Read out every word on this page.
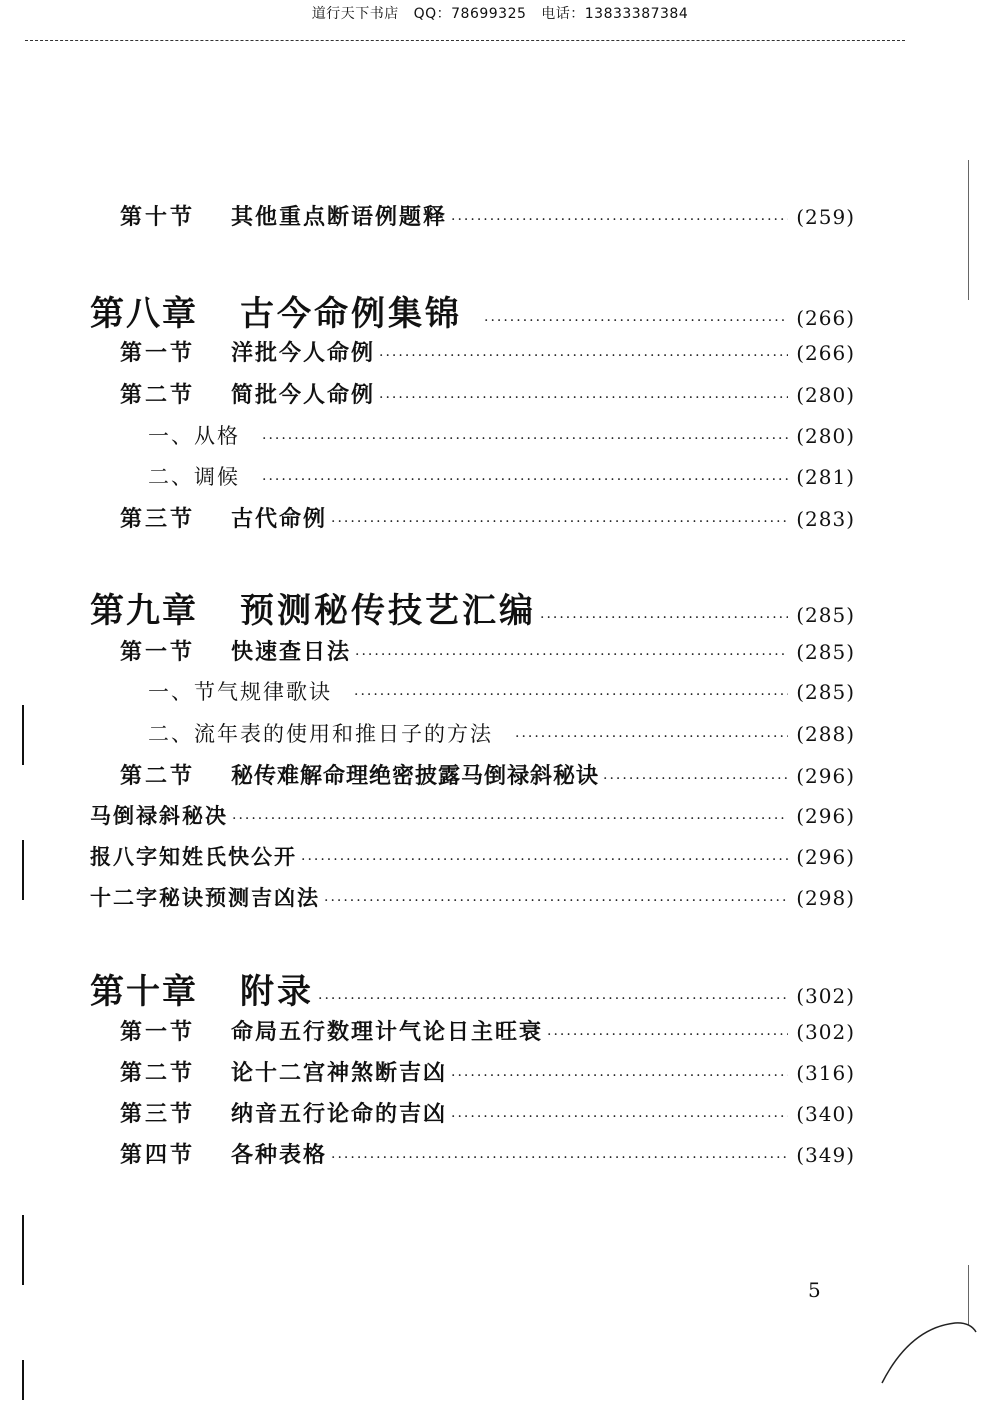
道行天下书店 QQ：78699325 电话：13833387384
第十节 其他重点断语例题释 ·····	(259)
第八章 古今命例集锦 ·····	(266)
第一节 洋批今人命例 ·····	(266)
第二节 简批今人命例 ·····	(280)
一、从格 ·····	(280)
二、调候 ·····	(281)
第三节 古代命例 ·····	(283)
第九章 预测秘传技艺汇编 ·····	(285)
第一节 快速查日法 ·····	(285)
一、节气规律歌诀 ·····	(285)
二、流年表的使用和推日子的方法 ·····	(288)
第二节 秘传难解命理绝密披露马倒禄斜秘诀 ·····	(296)
马倒禄斜秘决 ·····	(296)
报八字知姓氏快公开 ·····	(296)
十二字秘诀预测吉凶法 ·····	(298)
第十章 附录 ·····	(302)
第一节 命局五行数理计气论日主旺衰 ·····	(302)
第二节 论十二宫神煞断吉凶 ·····	(316)
第三节 纳音五行论命的吉凶 ·····	(340)
第四节 各种表格 ·····	(349)
5
